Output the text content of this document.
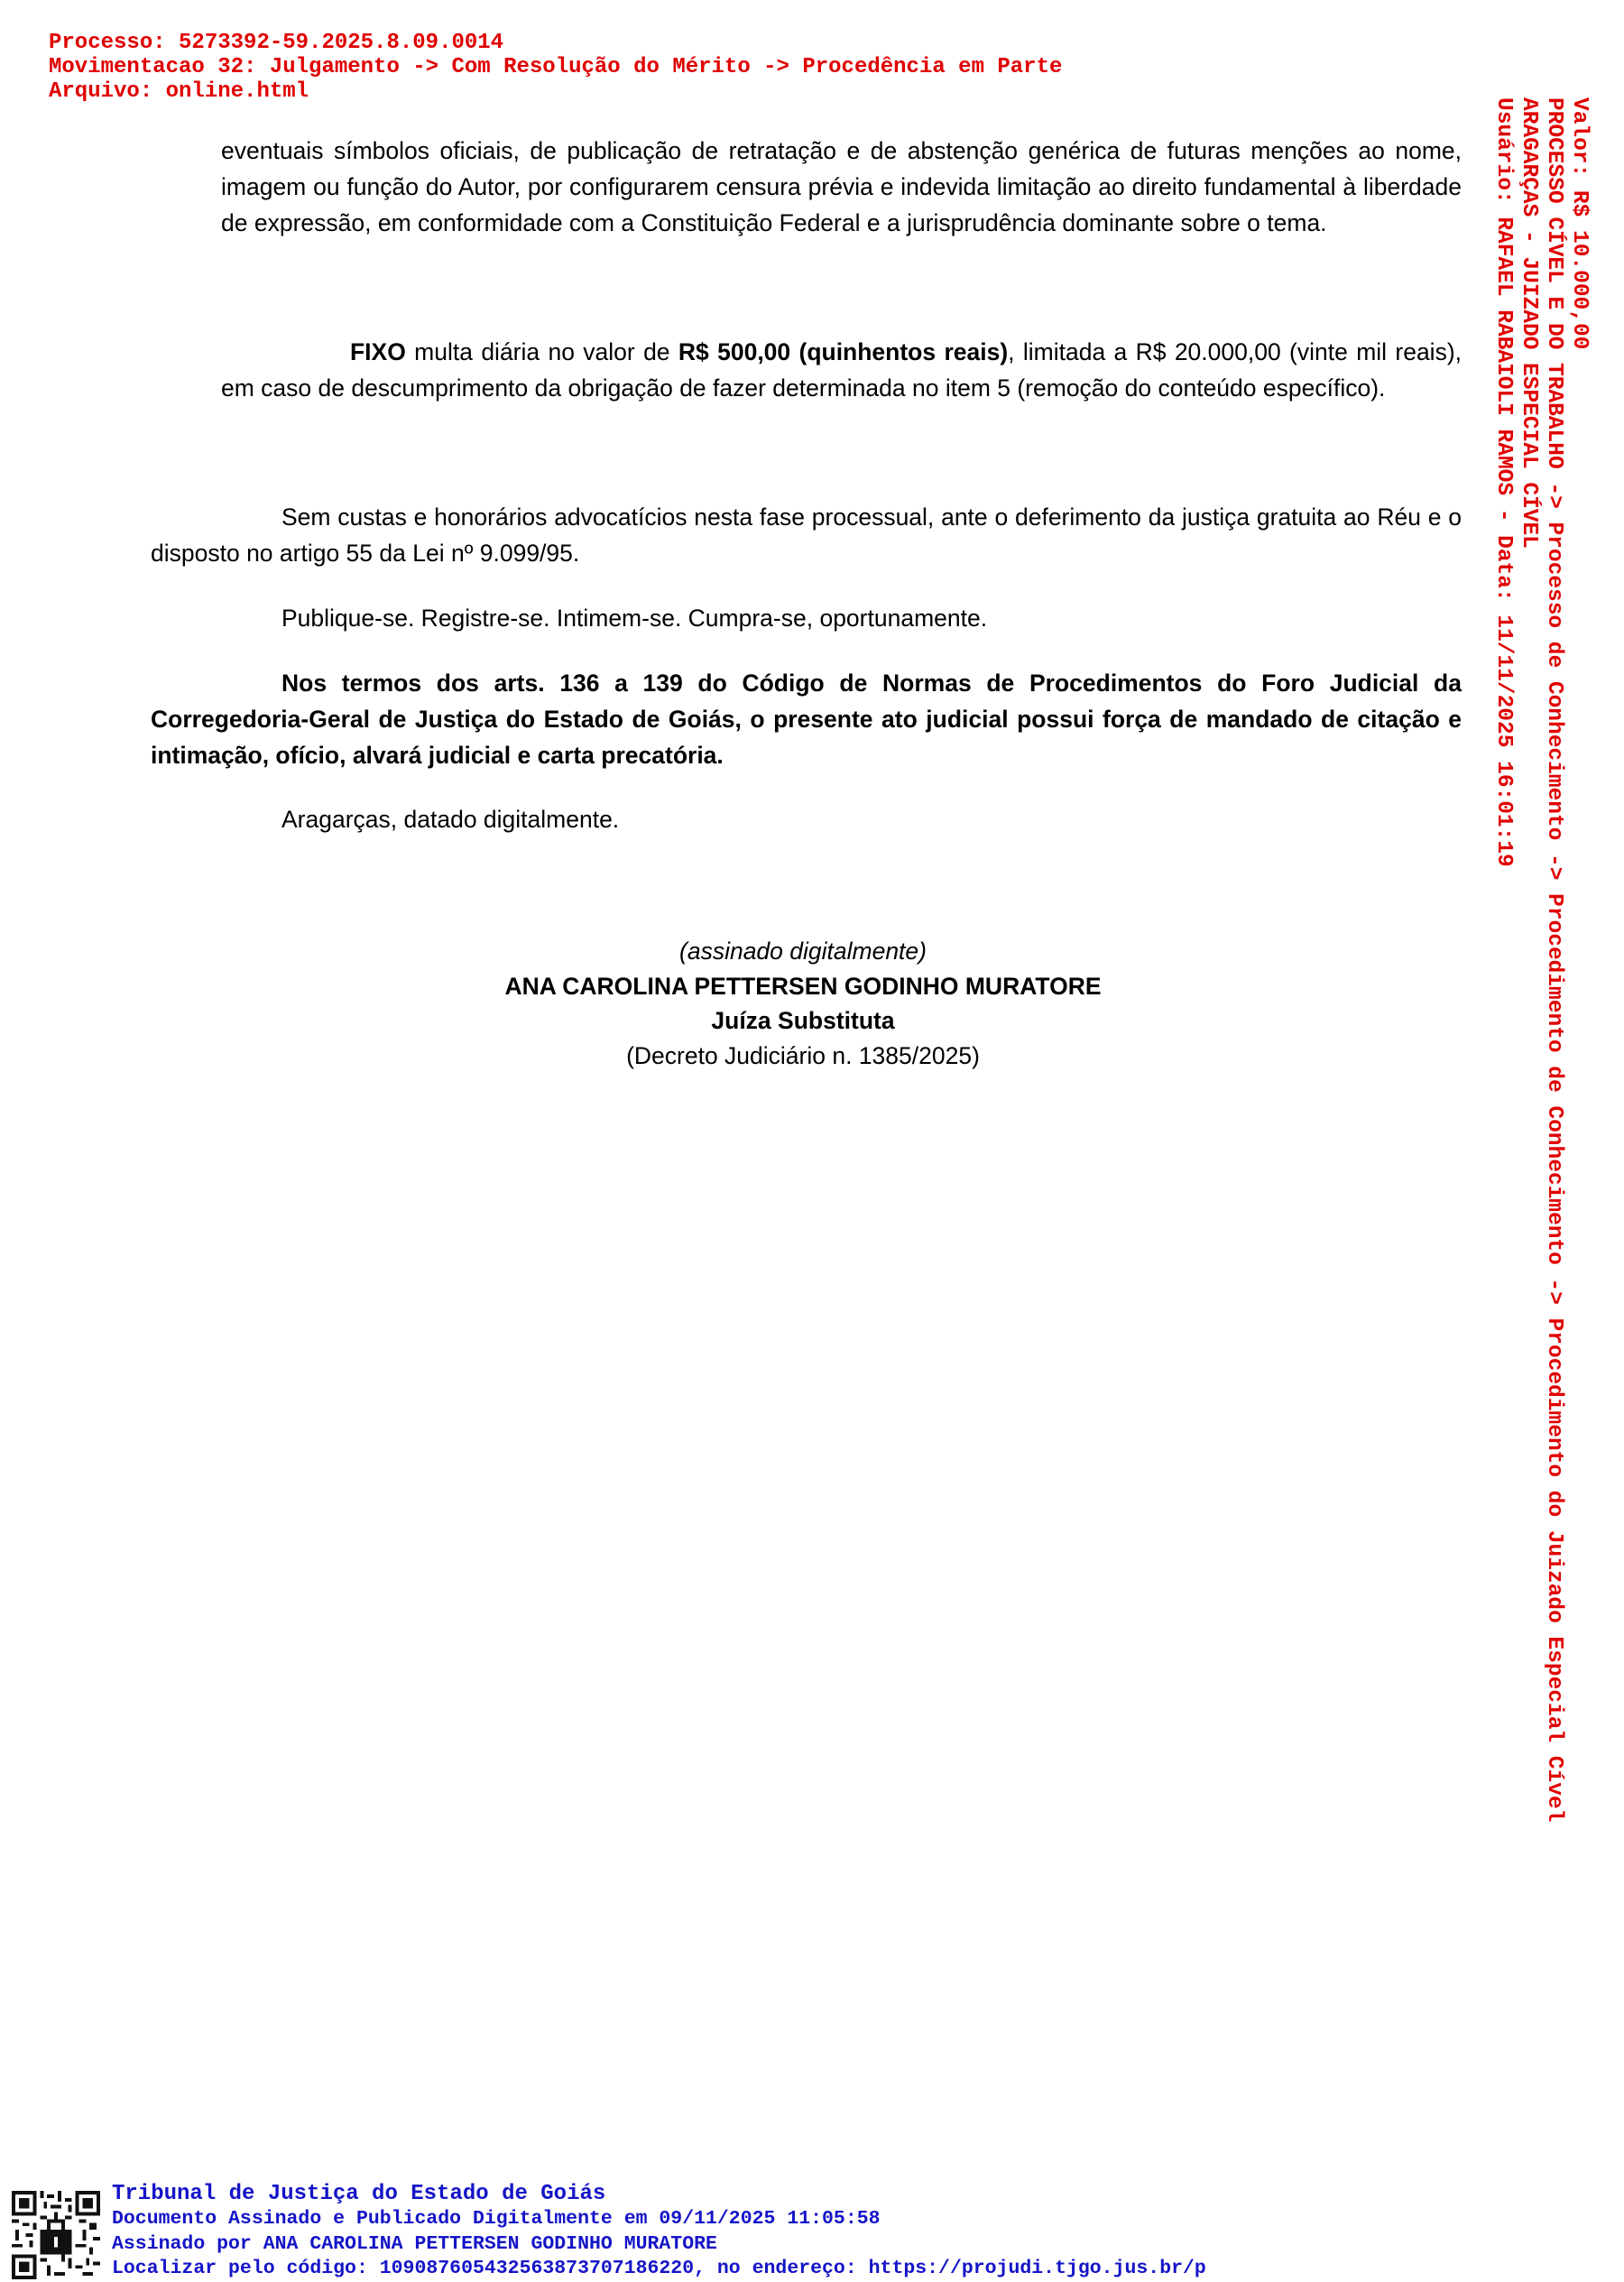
Processo: 5273392-59.2025.8.09.0014
Movimentacao 32: Julgamento -> Com Resolução do Mérito -> Procedência em Parte
Arquivo: online.html
Valor: R$ 10.000,00
PROCESSO CÍVEL E DO TRABALHO -> Processo de Conhecimento -> Procedimento de Conhecimento -> Procedimento do Juizado Especial Cível
ARAGARÇAS - JUIZADO ESPECIAL CÍVEL
Usuário: RAFAEL RABAIOLI RAMOS - Data: 11/11/2025 16:01:19
eventuais símbolos oficiais, de publicação de retratação e de abstenção genérica de futuras menções ao nome, imagem ou função do Autor, por configurarem censura prévia e indevida limitação ao direito fundamental à liberdade de expressão, em conformidade com a Constituição Federal e a jurisprudência dominante sobre o tema.
FIXO multa diária no valor de R$ 500,00 (quinhentos reais), limitada a R$ 20.000,00 (vinte mil reais), em caso de descumprimento da obrigação de fazer determinada no item 5 (remoção do conteúdo específico).
Sem custas e honorários advocatícios nesta fase processual, ante o deferimento da justiça gratuita ao Réu e o disposto no artigo 55 da Lei nº 9.099/95.
Publique-se. Registre-se. Intimem-se. Cumpra-se, oportunamente.
Nos termos dos arts. 136 a 139 do Código de Normas de Procedimentos do Foro Judicial da Corregedoria-Geral de Justiça do Estado de Goiás, o presente ato judicial possui força de mandado de citação e intimação, ofício, alvará judicial e carta precatória.
Aragarças, datado digitalmente.
(assinado digitalmente)
ANA CAROLINA PETTERSEN GODINHO MURATORE
Juíza Substituta
(Decreto Judiciário n. 1385/2025)
Tribunal de Justiça do Estado de Goiás
Documento Assinado e Publicado Digitalmente em 09/11/2025 11:05:58
Assinado por ANA CAROLINA PETTERSEN GODINHO MURATORE
Localizar pelo código: 109087605432563873707186220, no endereço: https://projudi.tjgo.jus.br/p
